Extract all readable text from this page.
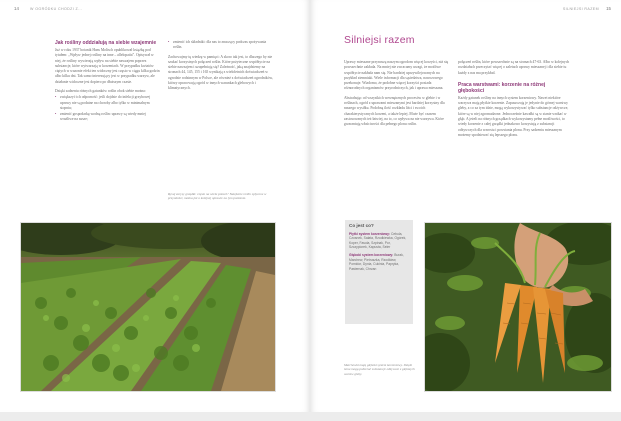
14	W OGRÓDKU CHODZI Z...
Jak rośliny oddziałują na siebie wzajemnie

Już w roku 1937 botanik Hans Molisch opublikował książkę pod tytułem: „Wpływ jednej rośliny na inne – allelopatia”. Opisywał w niej, że rośliny wywierają wpływ na siebie nawzajem poprzez substancje, które wytwarzają w korzeniach. W przypadku kwiatów ciętych w wazonie efekt ten widoczny jest często w ciągu kilku godzin albo kilku dni. Tak samo interesujący jest w przypadku warzyw, ale działanie widoczne jest dopiero po dłuższym czasie.

Dzięki sadzeniu różnych gatunków roślin obok siebie można:

• zwiększyć ich odporność: jeśli dojdzie do infekcji grzybowej uprawy nie są podatne na choroby albo tylko w minimalnym stopniu;
• zmienić gospodarkę wodną roślin: uprawy są wtedy mniej wrażliwe na susze;
• zmienić ich składniki: dla nas to znaczący podczas spożywania roślin.

Zachowujmy tę wiedzę w pamięci: A skoro tak jest, to dlaczego by nie szukać korzystnych połączeń roślin. Które pożyteczne współżycie na siebie nawzajem i uzupełniają się? Zależność, jaką znajdziemy na stronach 44, 145, 155 i 165 wynikają z wieloletnich doświadczeń w ogrodzie rodzinnym w Polsce, ale również z doświadczeń ogrodników, którzy opracowują ogród w innych warunkach glebowych i klimatycznych.

Rysuj zarysy grządki: często na wielu polach? Natężenie roślin spłycone w przyszłości, można już o kolejnej uprawie na tym poziomie.
SILNIEJSI RAZEM 15
Silniejsi razem

Uprawy mieszane przynoszą naszym ogrodom więcej korzyści, niż się powszechnie zakłada. Na mniej nie zwracamy uwagi, że możliwe współżycie nakłada nam się. Nie bardziej uprzywilejowanych na przykład ziemniaki. Wiele informacji dla sąsiedztwa, nawozowego przekonuje. Wiadomo, że podobne więcej korzyści posiada różnorodnych organizmów przyrodniczych, jak i uprawa mieszana.

Abstrahując od wszystkich wewnętrznych procesów w glebie i w roślinach, ogród z uprawami mieszanymi jest bardziej korzystny dla naszego wysiłku. Podobną ilość rozkładu liści i swoich charakterystycznych korzeni, a także lepiej. Może być czasem zastosowanych też łatwiej, na to, co wpływa na nie warzywa. Które gwarantują właściwości dla pełnego plonu roślin.

połączeń roślin, które powszechnie są na stronach 47-63. Albo w kolejnych rozdziałach przeczytać więcej o zaletach uprawy mieszanej i dla siebie tu każdy z nas ma przykład.

Praca warstwami: korzenie na różnej głębokości

Każdy gatunek rośliny na innych system korzeniowy. Nawet niektóre warzywa mają płytkie korzenie. Zapuszczają je jedynie do górnej warstwy gleby, a co za tym idzie, mogą wykorzystywać tylko substancje odżywcze, które są w niej zgromadzone. Jednocześnie kawałki są w stanie wnikać w głąb. A jeżeli na różnych grządkach wykorzystamy pełne możliwości, to wtedy korzenie z całej grządki jednakowo korzystają z substancji odżywczych dla wzrostu i powstania plonu. Przy sadzeniu mieszanym możemy spodziewać się lepszego plonu.

Marchewki mają głęboki system korzeniowy. Dzięki temu mogą pobierać substancje odżywcze z głębszych warstw gleby.
Co jest co?

Płytki system korzeniowy: Cebula, Czosnek, Sałata, Rzodkiewka, Ogórek, Koper, Fasola, Szpinak, Por, Szczypiorek, Kapusta, Seler

Głęboki system korzeniowy: Burak, Marchew, Pietruszka, Rzodkiew, Pomidor, Dynia, Cukinia, Papryka, Pasternak, Chrzan
